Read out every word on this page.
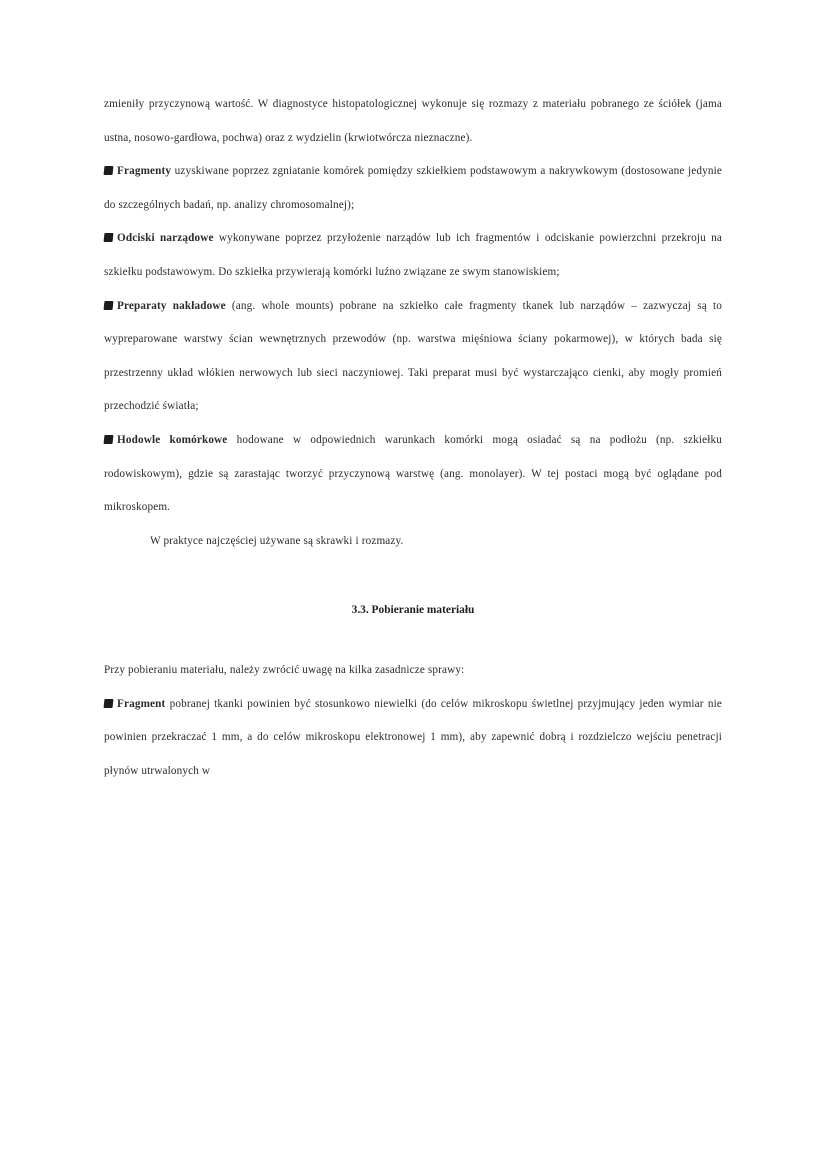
zmieniły przyczynową wartość. W diagnostyce histopatologicznej wykonuje się rozmazy z materiału pobranego ze ściółek (jama ustna, nosowo-gardłowa, pochwa) oraz z wydzielin (krwiotwórcza nieznaczne).

Fragmenty uzyskiwane poprzez zgniatanie komórek pomiędzy szkiełkiem podstawowym a nakrywkowym (dostosowane jedynie do szczególnych badań, np. analizy chromosomalnej);

Odciski narządowe wykonywane poprzez przyłożenie narządów lub ich fragmentów i odciskanie powierzchni przekroju na szkiełku podstawowym. Do szkiełka przywierają komórki luźno związane ze swym stanowiskiem;

Preparaty nakładowe (ang. whole mounts) pobrane na szkiełko całe fragmenty tkanek lub narządów – zazwyczaj są to wypreparowane warstwy ścian wewnętrznych przewodów (np. warstwa mięśniowa ściany pokarmowej), w których bada się przestrzenny układ włókien nerwowych lub sieci naczyniowej. Taki preparat musi być wystarczająco cienki, aby mogły promień przechodzić światła;

Hodowle komórkowe hodowane w odpowiednich warunkach komórki mogą osiadać są na podłożu (np. szkiełku rodowiskowym), gdzie są zarastając tworzyć przyczynową warstwę (ang. monolayer). W tej postaci mogą być oglądane pod mikroskopem.

W praktyce najczęściej używane są skrawki i rozmazy.

3.3. Pobieranie materiału

Przy pobieraniu materiału, należy zwrócić uwagę na kilka zasadnicze sprawy:

Fragment pobranej tkanki powinien być stosunkowo niewielki (do celów mikroskopu świetlnej przyjmujący jeden wymiar nie powinien przekraczać 1 mm, a do celów mikroskopu elektronowej 1 mm), aby zapewnić dobrą i rozdzielczo wejściu penetracji płynów utrwalonych w
